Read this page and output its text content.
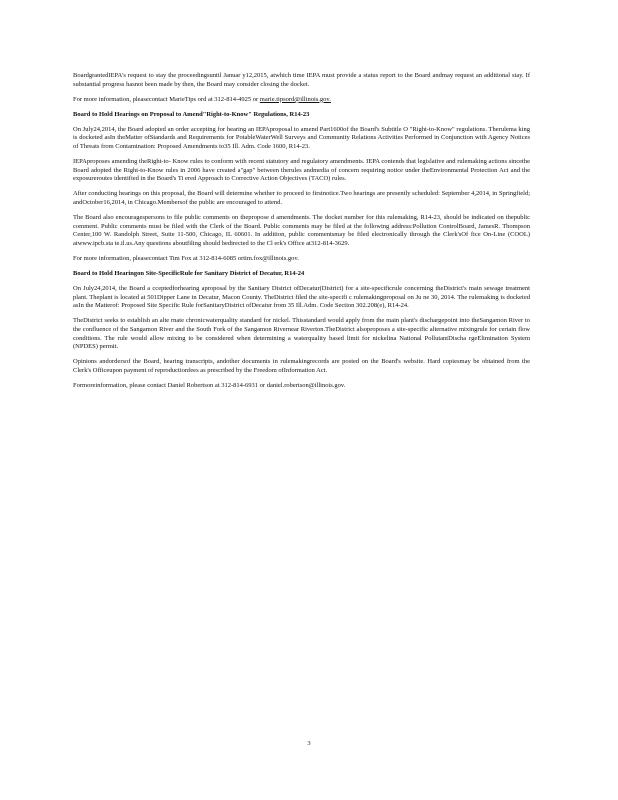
BoardgrantedIEPA's request to stay the proceedingsuntil Januar y12,2015, atwhich time IEPA must provide a status report to the Board andmay request an additional stay. If substantial progress hasnot been made by then, the Board may consider closing the docket.

For more information, pleasecontact MarieTips ord at 312-814-4925 or marie.tipsord@illinois.gov.

Board to Hold Hearings on Proposal to Amend"Right-to-Know" Regulations, R14-23

On July24,2014, the Board adopted an order accepting for hearing an IEPAproposal to amend Part1600of the Board's Subtitle O "Right-to-Know" regulations. Therulema king is docketed asIn theMatter ofStandards and Requirements for PotableWaterWell Surveys and Community Relations Activities Performed in Conjunction with Agency Notices of Threats from Contamination: Proposed Amendments to35 Ill. Adm. Code 1600, R14-23.

IEPAproposes amending theRight-to- Know rules to conform with recent statutory and regulatory amendments. IEPA contends that legislative and rulemaking actions sincethe Board adopted the Right-to-Know rules in 2006 have created a"gap" between therules andmedia of concern requiring notice under theEnvironmental Protection Act and the exposureroutes identified in the Board's Ti ered Approach to Corrective Action Objectives (TACO) rules.

After conducting hearings on this proposal, the Board will determine whether to proceed to firstnotice.Two hearings are presently scheduled: September 4,2014, in Springfield; andOctober16,2014, in Chicago.Membersof the public are encouraged to attend.

The Board also encouragespersons to file public comments on thepropose d amendments. The docket number for this rulemaking, R14-23, should be indicated on thepublic comment. Public comments must be filed with the Clerk of the Board. Public comments may be filed at the following address:Pollution ControlBoard, JamesR. Thompson Center,100 W. Randolph Street, Suite 11-500, Chicago, IL 60601. In addition, public commentsmay be filed electronically through the Clerk'sOf fice On-Line (COOL) atwww.ipcb.sta te.il.us.Any questions aboutfiling should bedirected to the Cl erk's Office at312-814-3629.

For more information, pleasecontact Tim Fox at 312-814-6085 ortim.fox@illinois.gov.

Board to Hold Hearingon Site-SpecificRule for Sanitary District of Decatur, R14-24

On July24,2014, the Board a cceptedforhearing aproposal by the Sanitary District ofDecatur(District) for a site-specificrule concerning theDistrict's main sewage treatment plant. Theplant is located at 501Dipper Lane in Decatur, Macon County. TheDistrict filed the site-specifi c rulemakingproposal on Ju ne 30, 2014. The rulemaking is docketed asIn the Matterof: Proposed Site Specific Rule forSanitaryDistrict ofDecatur from 35 Ill.Adm. Code Section 302.208(e), R14-24.

TheDistrict seeks to establish an alte rnate chronicwaterquality standard for nickel. Thisstandard would apply from the main plant's dischargepoint into theSangamon River to the confluence of the Sangamon River and the South Fork of the Sangamon Rivernear Riverton.TheDistrict alsoproposes a site-specific alternative mixingrule for certain flow conditions. The rule would allow mixing to be considered when determining a waterquality based limit for nickelina National PollutantDischa rgeElimination System (NPDES) permit.

Opinions andordersof the Board, hearing transcripts, andother documents in rulemakingrecords are posted on the Board's website. Hard copiesmay be obtained from the Clerk's Officeupon payment of reproductionfees as prescribed by the Freedom ofInformation Act.

Formoreinformation, please contact Daniel Robertson at 312-814-6931 or daniel.robertson@illinois.gov.

3
